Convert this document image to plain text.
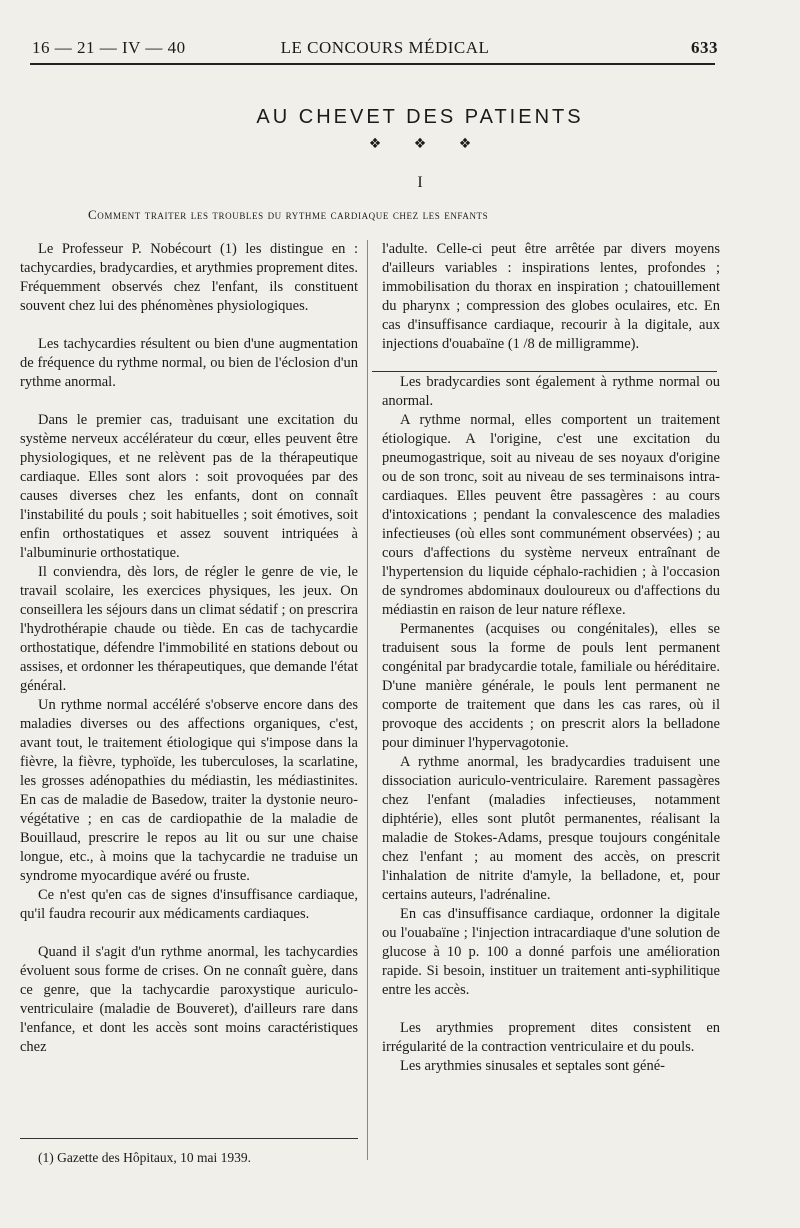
16 — 21 — IV — 40	LE CONCOURS MÉDICAL	633
AU CHEVET DES PATIENTS
❖ ❖ ❖
I
Comment traiter les troubles du rythme cardiaque chez les enfants

Le Professeur P. Nobécourt (1) les distingue en : tachycardies, bradycardies, et arythmies proprement dites. Fréquemment observés chez l'enfant, ils constituent souvent chez lui des phénomènes physiologiques.

Les tachycardies résultent ou bien d'une augmentation de fréquence du rythme normal, ou bien de l'éclosion d'un rythme anormal.

Dans le premier cas, traduisant une excitation du système nerveux accélérateur du cœur, elles peuvent être physiologiques, et ne relèvent pas de la thérapeutique cardiaque. Elles sont alors : soit provoquées par des causes diverses chez les enfants, dont on connaît l'instabilité du pouls ; soit habituelles ; soit émotives, soit enfin orthostatiques et assez souvent intriquées à l'albuminurie orthostatique.

Il conviendra, dès lors, de régler le genre de vie, le travail scolaire, les exercices physiques, les jeux. On conseillera les séjours dans un climat sédatif ; on prescrira l'hydrothérapie chaude ou tiède. En cas de tachycardie orthostatique, défendre l'immobilité en stations debout ou assises, et ordonner les thérapeutiques, que demande l'état général.

Un rythme normal accéléré s'observe encore dans des maladies diverses ou des affections organiques, c'est, avant tout, le traitement étiologique qui s'impose dans la fièvre, la fièvre, typhoïde, les tuberculoses, la scarlatine, les grosses adénopathies du médiastin, les médiastinites. En cas de maladie de Basedow, traiter la dystonie neuro-végétative ; en cas de cardiopathie de la maladie de Bouillaud, prescrire le repos au lit ou sur une chaise longue, etc., à moins que la tachycardie ne traduise un syndrome myocardique avéré ou fruste.

Ce n'est qu'en cas de signes d'insuffisance cardiaque, qu'il faudra recourir aux médicaments cardiaques.

Quand il s'agit d'un rythme anormal, les tachycardies évoluent sous forme de crises. On ne connaît guère, dans ce genre, que la tachycardie paroxystique auriculo-ventriculaire (maladie de Bouveret), d'ailleurs rare dans l'enfance, et dont les accès sont moins caractéristiques chez

l'adulte. Celle-ci peut être arrêtée par divers moyens d'ailleurs variables : inspirations lentes, profondes ; immobilisation du thorax en inspiration ; chatouillement du pharynx ; compression des globes oculaires, etc. En cas d'insuffisance cardiaque, recourir à la digitale, aux injections d'ouabaïne (1 /8 de milligramme).

Les bradycardies sont également à rythme normal ou anormal.

A rythme normal, elles comportent un traitement étiologique. A l'origine, c'est une excitation du pneumogastrique, soit au niveau de ses noyaux d'origine ou de son tronc, soit au niveau de ses terminaisons intra-cardiaques. Elles peuvent être passagères : au cours d'intoxications ; pendant la convalescence des maladies infectieuses (où elles sont communément observées) ; au cours d'affections du système nerveux entraînant de l'hypertension du liquide céphalo-rachidien ; à l'occasion de syndromes abdominaux douloureux ou d'affections du médiastin en raison de leur nature réflexe.

Permanentes (acquises ou congénitales), elles se traduisent sous la forme de pouls lent permanent congénital par bradycardie totale, familiale ou héréditaire. D'une manière générale, le pouls lent permanent ne comporte de traitement que dans les cas rares, où il provoque des accidents ; on prescrit alors la belladone pour diminuer l'hypervagotonie.

A rythme anormal, les bradycardies traduisent une dissociation auriculo-ventriculaire. Rarement passagères chez l'enfant (maladies infectieuses, notamment diphtérie), elles sont plutôt permanentes, réalisant la maladie de Stokes-Adams, presque toujours congénitale chez l'enfant ; au moment des accès, on prescrit l'inhalation de nitrite d'amyle, la belladone, et, pour certains auteurs, l'adrénaline.

En cas d'insuffisance cardiaque, ordonner la digitale ou l'ouabaïne ; l'injection intracardiaque d'une solution de glucose à 10 p. 100 a donné parfois une amélioration rapide. Si besoin, instituer un traitement anti-syphilitique entre les accès.

Les arythmies proprement dites consistent en irrégularité de la contraction ventriculaire et du pouls.

Les arythmies sinusales et septales sont géné-

(1) Gazette des Hôpitaux, 10 mai 1939.
